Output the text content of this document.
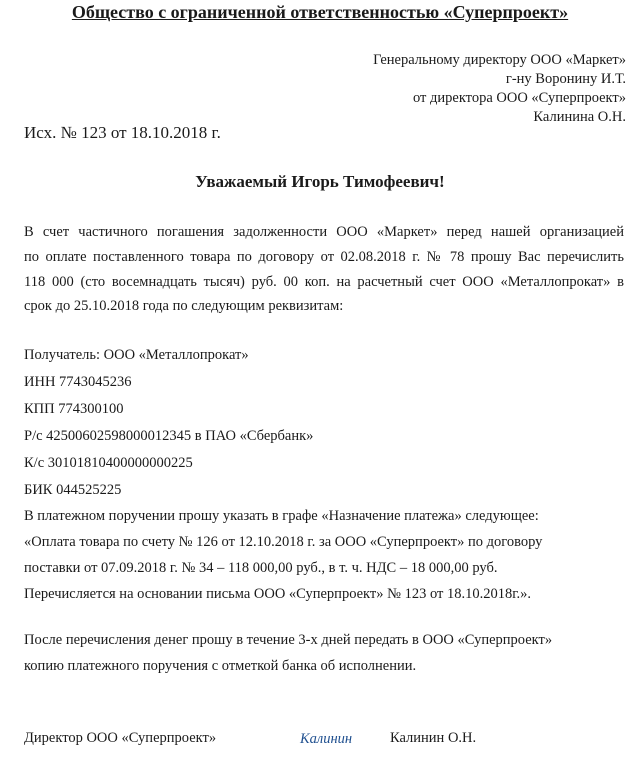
Общество с ограниченной ответственностью «Суперпроект»
Генеральному директору ООО «Маркет»
г-ну Воронину И.Т.
от директора ООО «Суперпроект»
Калинина О.Н.
Исх. № 123 от 18.10.2018 г.
Уважаемый Игорь Тимофеевич!
В счет частичного погашения задолженности ООО «Маркет» перед нашей организацией
по оплате поставленного товара по договору от 02.08.2018 г. № 78 прошу Вас перечислить
118 000 (сто восемнадцать тысяч) руб. 00 коп. на расчетный счет ООО «Металлопрокат» в
срок до 25.10.2018 года по следующим реквизитам:
Получатель: ООО «Металлопрокат»
ИНН 7743045236
КПП 774300100
Р/с 42500602598000012345 в ПАО «Сбербанк»
К/с 30101810400000000225
БИК 044525225
В платежном поручении прошу указать в графе «Назначение платежа» следующее:
«Оплата товара по счету № 126 от 12.10.2018 г. за ООО «Суперпроект» по договору
поставки от 07.09.2018 г. № 34 – 118 000,00 руб., в т. ч. НДС – 18 000,00 руб.
Перечисляется на основании письма ООО «Суперпроект» № 123 от 18.10.2018г.».
После перечисления денег прошу в течение 3-х дней передать в ООО «Суперпроект»
копию платежного поручения с отметкой банка об исполнении.
Директор ООО «Суперпроект»	Калинин	Калинин О.Н.
